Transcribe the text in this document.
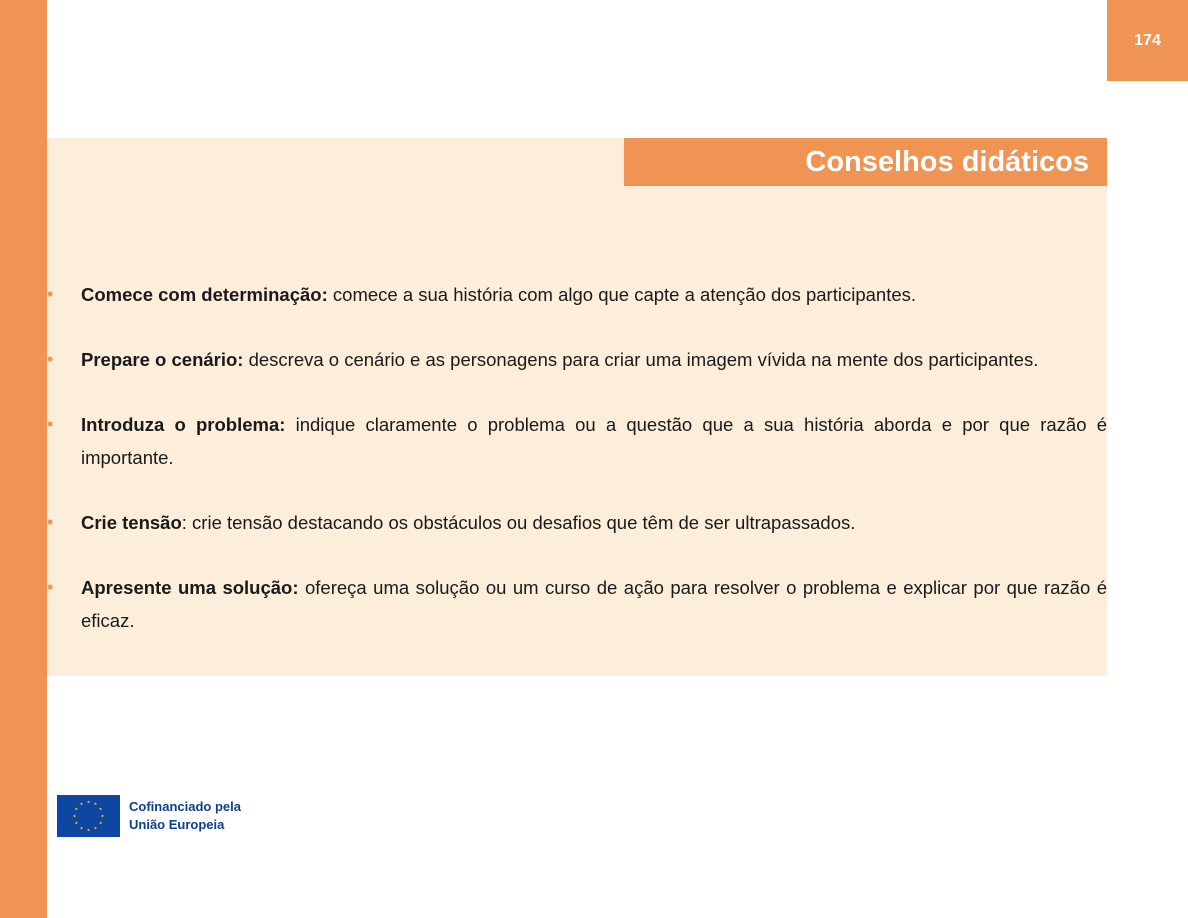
174
Conselhos didáticos
• Comece com determinação: comece a sua história com algo que capte a atenção dos participantes.
• Prepare o cenário: descreva o cenário e as personagens para criar uma imagem vívida na mente dos participantes.
• Introduza o problema: indique claramente o problema ou a questão que a sua história aborda e por que razão é importante.
• Crie tensão: crie tensão destacando os obstáculos ou desafios que têm de ser ultrapassados.
• Apresente uma solução: ofereça uma solução ou um curso de ação para resolver o problema e explicar por que razão é eficaz.
Cofinanciado pela
União Europeia
